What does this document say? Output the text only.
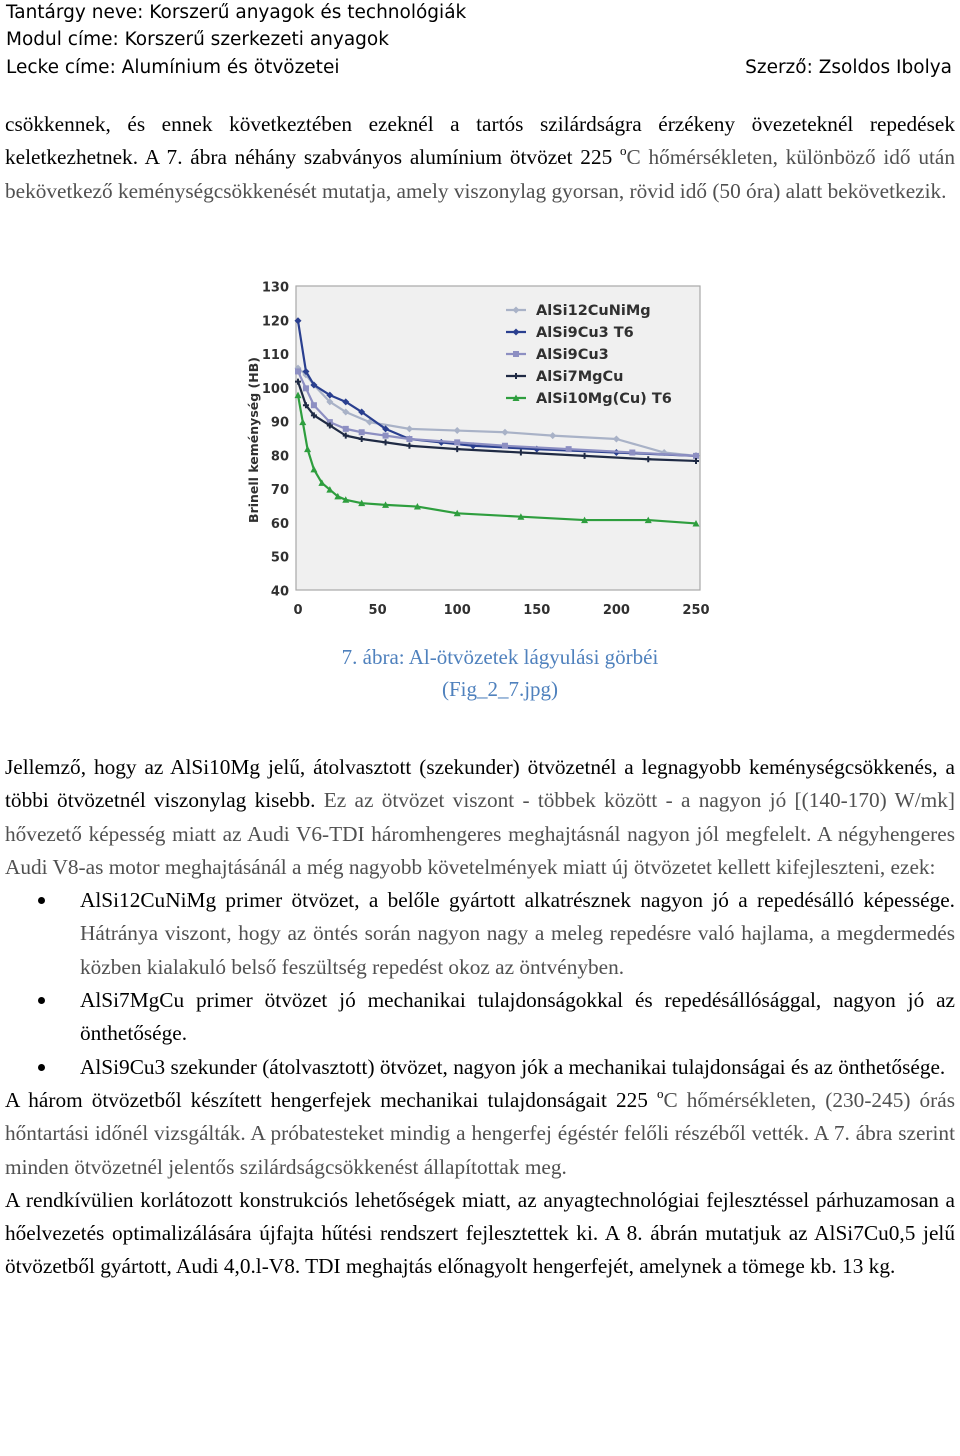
Tantárgy neve: Korszerű anyagok és technológiák
Modul címe: Korszerű szerkezeti anyagok
Lecke címe: Alumínium és ötvözetei	Szerző: Zsoldos Ibolya

csökkennek, és ennek következtében ezeknél a tartós szilárdságra érzékeny övezeteknél repedések keletkezhetnek. A 7. ábra néhány szabványos alumínium ötvözet 225 $^o$C hőmérsékleten, különböző idő után bekövetkező keménységcsökkenését mutatja, amely viszonylag gyorsan, rövid idő (50 óra) alatt bekövetkezik.

40
50
60
70
80
90
100
110
120
130
0	50	100	150	200	250
Brinell keménység (HB)
AlSi12CuNiMg
AlSi9Cu3 T6
AlSi9Cu3
AlSi7MgCu
AlSi10Mg(Cu) T6
7. ábra: Al-ötvözetek lágyulási görbéi
(Fig_2_7.jpg)

Jellemző, hogy az AlSi10Mg jelű, átolvasztott (szekunder) ötvözetnél a legnagyobb keménységcsökkenés, a többi ötvözetnél viszonylag kisebb. Ez az ötvözet viszont - többek között - a nagyon jó [(140-170) W/mk] hővezető képesség miatt az Audi V6-TDI háromhengeres meghajtásnál nagyon jól megfelelt. A négyhengeres Audi V8-as motor meghajtásánál a még nagyobb követelmények miatt új ötvözetet kellett kifejleszteni, ezek:

AlSi12CuNiMg primer ötvözet, a belőle gyártott alkatrésznek nagyon jó a repedésálló képessége. Hátránya viszont, hogy az öntés során nagyon nagy a meleg repedésre való hajlama, a megdermedés közben kialakuló belső feszültség repedést okoz az öntvényben.
AlSi7MgCu primer ötvözet jó mechanikai tulajdonságokkal és repedésállósággal, nagyon jó az önthetősége.
AlSi9Cu3 szekunder (átolvasztott) ötvözet, nagyon jók a mechanikai tulajdonságai és az önthetősége.

A három ötvözetből készített hengerfejek mechanikai tulajdonságait 225 $^o$C hőmérsékleten, (230-245) órás hőntartási időnél vizsgálták. A próbatesteket mindig a hengerfej égéstér felőli részéből vették. A 7. ábra szerint minden ötvözetnél jelentős szilárdságcsökkenést állapítottak meg.

A rendkívülien korlátozott konstrukciós lehetőségek miatt, az anyagtechnológiai fejlesztéssel párhuzamosan a hőelvezetés optimalizálására újfajta hűtési rendszert fejlesztettek ki. A 8. ábrán mutatjuk az AlSi7Cu0,5 jelű ötvözetből gyártott, Audi 4,0.l-V8. TDI meghajtás előnagyolt hengerfejét, amelynek a tömege kb. 13 kg.
